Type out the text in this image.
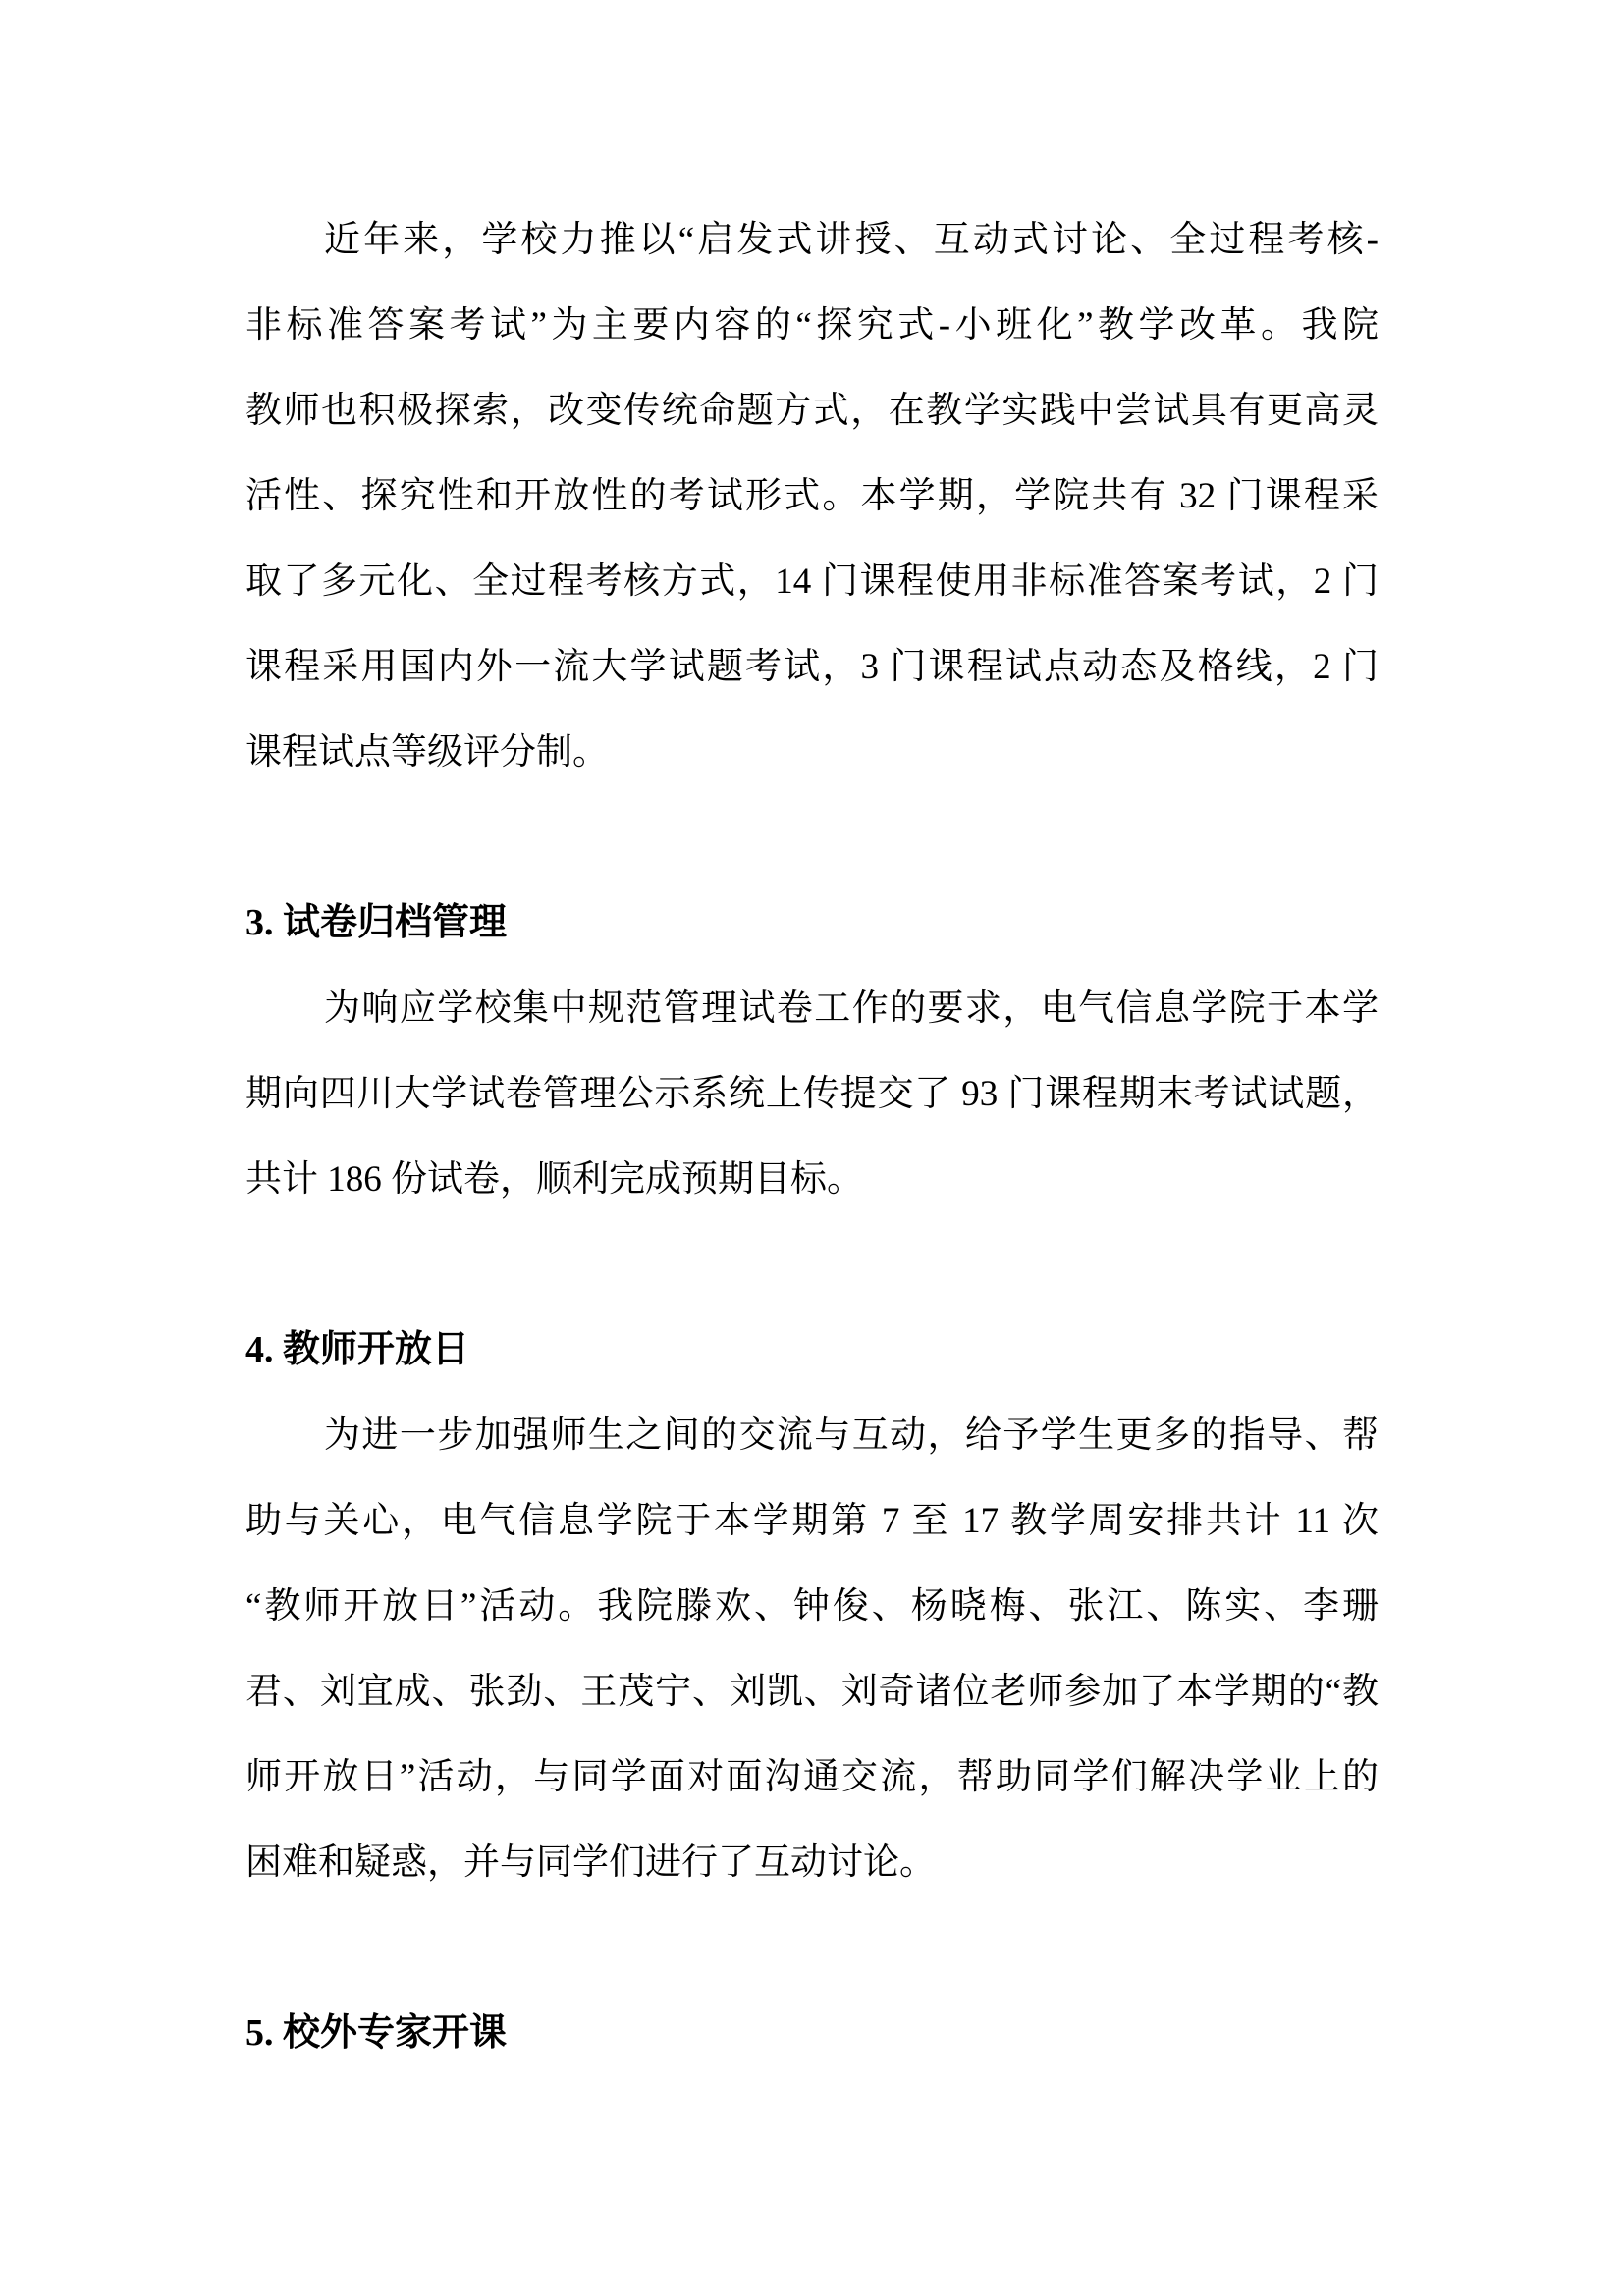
近年来，学校力推以“启发式讲授、互动式讨论、全过程考核-
非标准答案考试”为主要内容的“探究式-小班化”教学改革。我院
教师也积极探索，改变传统命题方式，在教学实践中尝试具有更高灵
活性、探究性和开放性的考试形式。本学期，学院共有 32 门课程采
取了多元化、全过程考核方式，14 门课程使用非标准答案考试，2 门
课程采用国内外一流大学试题考试，3 门课程试点动态及格线，2 门
课程试点等级评分制。
3. 试卷归档管理
为响应学校集中规范管理试卷工作的要求，电气信息学院于本学
期向四川大学试卷管理公示系统上传提交了 93 门课程期末考试试题，
共计 186 份试卷，顺利完成预期目标。
4. 教师开放日
为进一步加强师生之间的交流与互动，给予学生更多的指导、帮
助与关心，电气信息学院于本学期第 7 至 17 教学周安排共计 11 次
“教师开放日”活动。我院滕欢、钟俊、杨晓梅、张江、陈实、李珊
君、刘宜成、张劲、王茂宁、刘凯、刘奇诸位老师参加了本学期的“教
师开放日”活动，与同学面对面沟通交流，帮助同学们解决学业上的
困难和疑惑，并与同学们进行了互动讨论。
5. 校外专家开课
